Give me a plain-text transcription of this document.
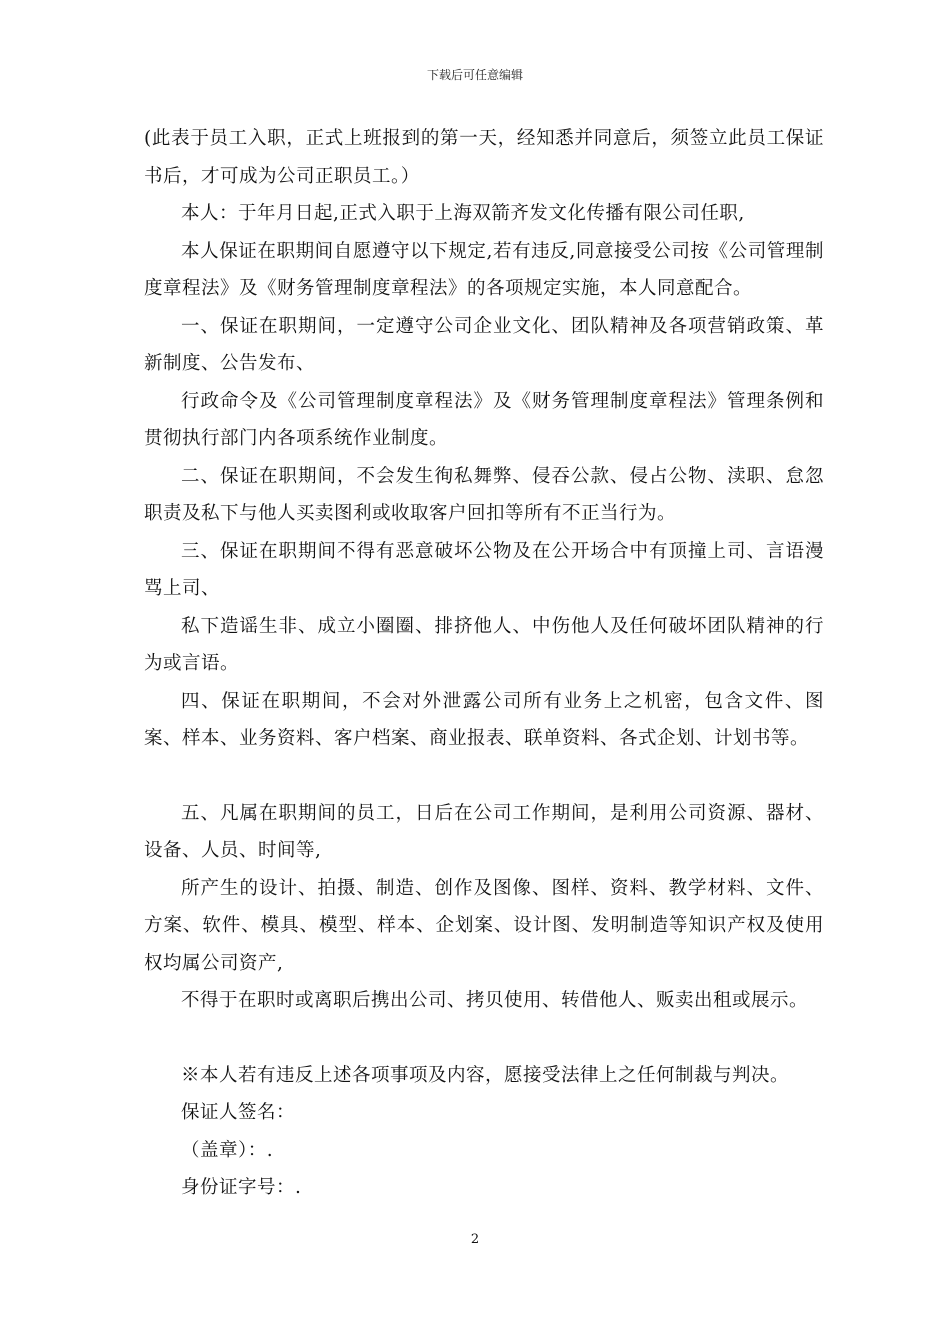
下载后可任意编辑

(此表于员工入职，正式上班报到的第一天，经知悉并同意后，须签立此员工保证书后，才可成为公司正职员工。）

本人：于年月日起,正式入职于上海双箭齐发文化传播有限公司任职,

本人保证在职期间自愿遵守以下规定,若有违反,同意接受公司按《公司管理制度章程法》及《财务管理制度章程法》的各项规定实施，本人同意配合。

一、保证在职期间，一定遵守公司企业文化、团队精神及各项营销政策、革新制度、公告发布、

行政命令及《公司管理制度章程法》及《财务管理制度章程法》管理条例和贯彻执行部门内各项系统作业制度。

二、保证在职期间，不会发生徇私舞弊、侵吞公款、侵占公物、渎职、怠忽职责及私下与他人买卖图利或收取客户回扣等所有不正当行为。

三、保证在职期间不得有恶意破坏公物及在公开场合中有顶撞上司、言语漫骂上司、

私下造谣生非、成立小圈圈、排挤他人、中伤他人及任何破坏团队精神的行为或言语。

四、保证在职期间，不会对外泄露公司所有业务上之机密，包含文件、图案、样本、业务资料、客户档案、商业报表、联单资料、各式企划、计划书等。

五、凡属在职期间的员工，日后在公司工作期间，是利用公司资源、器材、设备、人员、时间等,

所产生的设计、拍摄、制造、创作及图像、图样、资料、教学材料、文件、方案、软件、模具、模型、样本、企划案、设计图、发明制造等知识产权及使用权均属公司资产,

不得于在职时或离职后携出公司、拷贝使用、转借他人、贩卖出租或展示。

※本人若有违反上述各项事项及内容，愿接受法律上之任何制裁与判决。

保证人签名：

（盖章）：.

身份证字号：.

2
